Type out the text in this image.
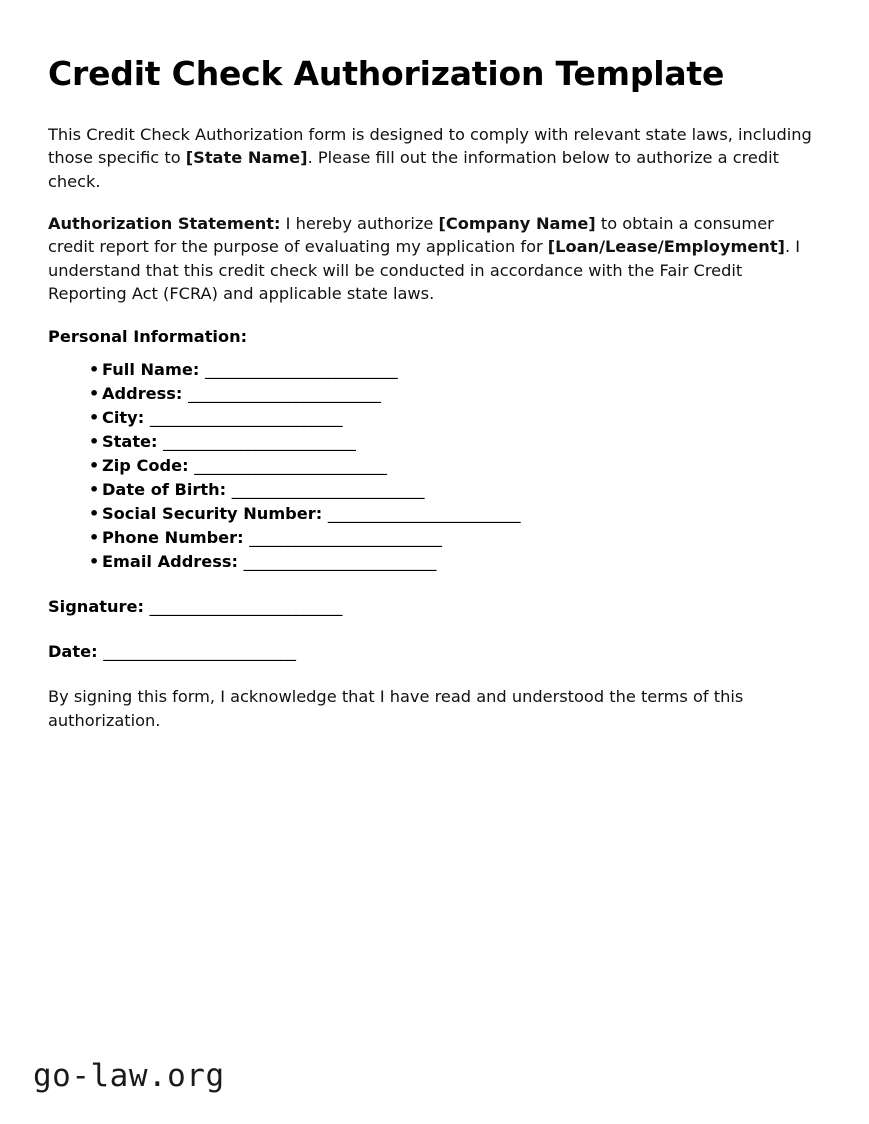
Credit Check Authorization Template

This Credit Check Authorization form is designed to comply with relevant state laws, including those specific to [State Name]. Please fill out the information below to authorize a credit check.

Authorization Statement: I hereby authorize [Company Name] to obtain a consumer credit report for the purpose of evaluating my application for [Loan/Lease/Employment]. I understand that this credit check will be conducted in accordance with the Fair Credit Reporting Act (FCRA) and applicable state laws.

Personal Information:
• Full Name: _________________________
• Address: _________________________
• City: _________________________
• State: _________________________
• Zip Code: _________________________
• Date of Birth: _________________________
• Social Security Number: _________________________
• Phone Number: _________________________
• Email Address: _________________________
Signature: _________________________
Date: _________________________

By signing this form, I acknowledge that I have read and understood the terms of this authorization.

go-law.org
